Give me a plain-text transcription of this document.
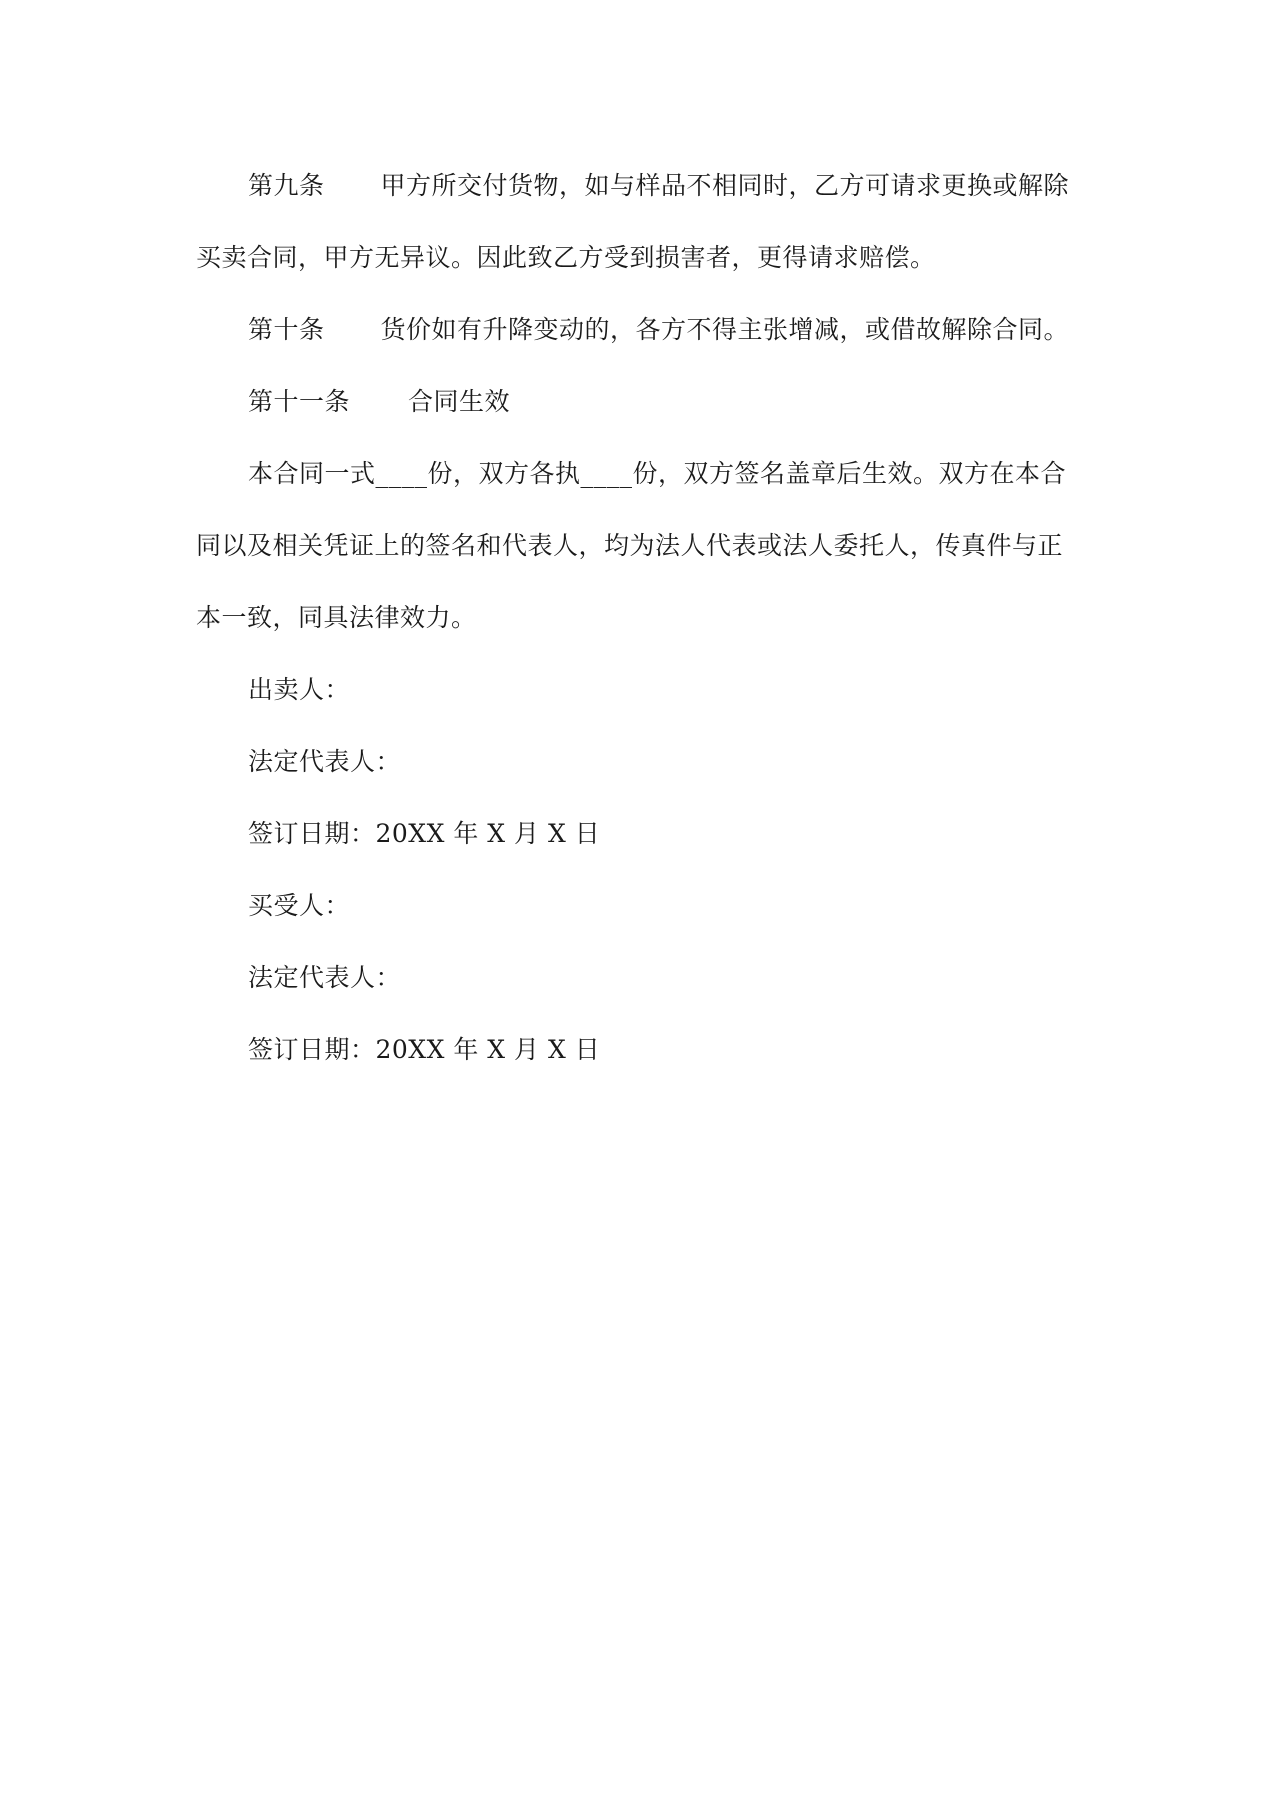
第九条 甲方所交付货物，如与样品不相同时，乙方可请求更换或解除

买卖合同，甲方无异议。因此致乙方受到损害者，更得请求赔偿。

第十条 货价如有升降变动的，各方不得主张增减，或借故解除合同。

第十一条 合同生效

本合同一式____份，双方各执____份，双方签名盖章后生效。双方在本合

同以及相关凭证上的签名和代表人，均为法人代表或法人委托人，传真件与正

本一致，同具法律效力。

出卖人：

法定代表人：

签订日期：20XX 年 X 月 X 日

买受人：

法定代表人：

签订日期：20XX 年 X 月 X 日
